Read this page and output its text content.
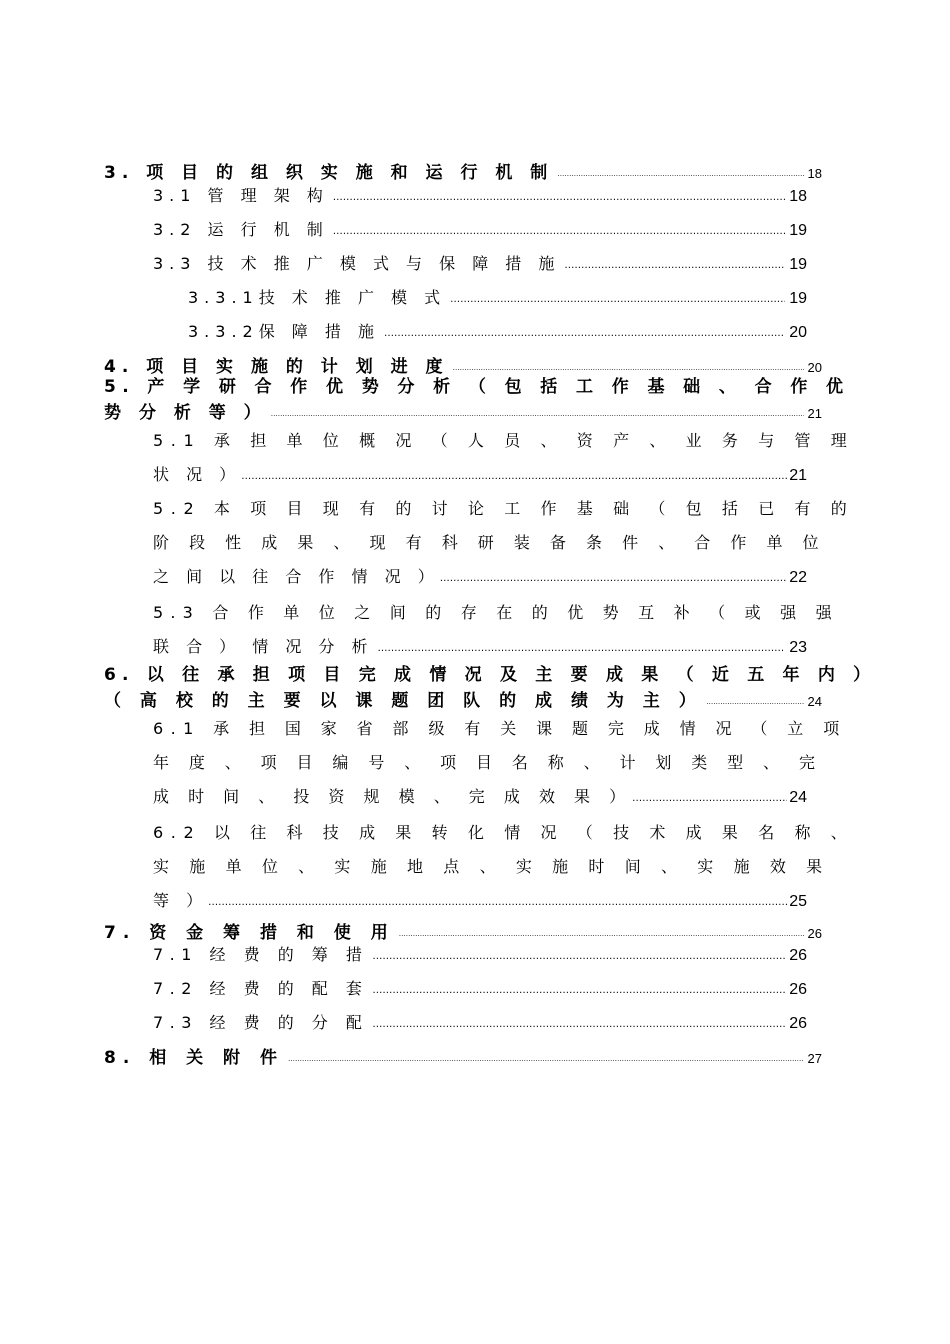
3. 项 目 的 组 织 实 施 和 运 行 机 制 …………………………………………………………………………………………………………………………………………………………………………………………………………………………………	18
3.1 管 理 架 构 …………………………………………………………………………………………………………………………………………………………………………………………………………………………………	18
3.2 运 行 机 制 …………………………………………………………………………………………………………………………………………………………………………………………………………………………………	19
3.3 技 术 推 广 模 式 与 保 障 措 施 …………………………………………………………………………………………………………………………………………………………………………………………………………………………………	19
3.3.1技 术 推 广 模 式 …………………………………………………………………………………………………………………………………………………………………………………………………………………………………	19
3.3.2保 障 措 施 …………………………………………………………………………………………………………………………………………………………………………………………………………………………………	20
4. 项 目 实 施 的 计 划 进 度 …………………………………………………………………………………………………………………………………………………………………………………………………………………………………	20
5. 产 学 研 合 作 优 势 分 析 （ 包 括 工 作 基 础 、 合 作 优
势 分 析 等 ） …………………………………………………………………………………………………………………………………………………………………………………………………………………………………	21
5.1 承 担 单 位 概 况 （ 人 员 、 资 产 、 业 务 与 管 理
状 况 ） …………………………………………………………………………………………………………………………………………………………………………………………………………………………………	21
5.2 本 项 目 现 有 的 讨 论 工 作 基 础 （ 包 括 已 有 的
阶 段 性 成 果 、 现 有 科 研 装 备 条 件 、 合 作 单 位
之 间 以 往 合 作 情 况 ） …………………………………………………………………………………………………………………………………………………………………………………………………………………………………	22
5.3 合 作 单 位 之 间 的 存 在 的 优 势 互 补 （ 或 强 强
联 合 ） 情 况 分 析 …………………………………………………………………………………………………………………………………………………………………………………………………………………………………	23
6. 以 往 承 担 项 目 完 成 情 况 及 主 要 成 果 （ 近 五 年 内 ）
（ 高 校 的 主 要 以 课 题 团 队 的 成 绩 为 主 ） …………………………………………………………………………………………………………………………………………………………………………………………………………………………………	24
6.1 承 担 国 家 省 部 级 有 关 课 题 完 成 情 况 （ 立 项
年 度 、 项 目 编 号 、 项 目 名 称 、 计 划 类 型 、 完
成 时 间 、 投 资 规 模 、 完 成 效 果 ） …………………………………………………………………………………………………………………………………………………………………………………………………………………………………	24
6.2 以 往 科 技 成 果 转 化 情 况 （ 技 术 成 果 名 称 、
实 施 单 位 、 实 施 地 点 、 实 施 时 间 、 实 施 效 果
等 ） …………………………………………………………………………………………………………………………………………………………………………………………………………………………………	25
7. 资 金 筹 措 和 使 用 …………………………………………………………………………………………………………………………………………………………………………………………………………………………………	26
7.1 经 费 的 筹 措 …………………………………………………………………………………………………………………………………………………………………………………………………………………………………	26
7.2 经 费 的 配 套 …………………………………………………………………………………………………………………………………………………………………………………………………………………………………	26
7.3 经 费 的 分 配 …………………………………………………………………………………………………………………………………………………………………………………………………………………………………	26
8. 相 关 附 件 …………………………………………………………………………………………………………………………………………………………………………………………………………………………………	27
